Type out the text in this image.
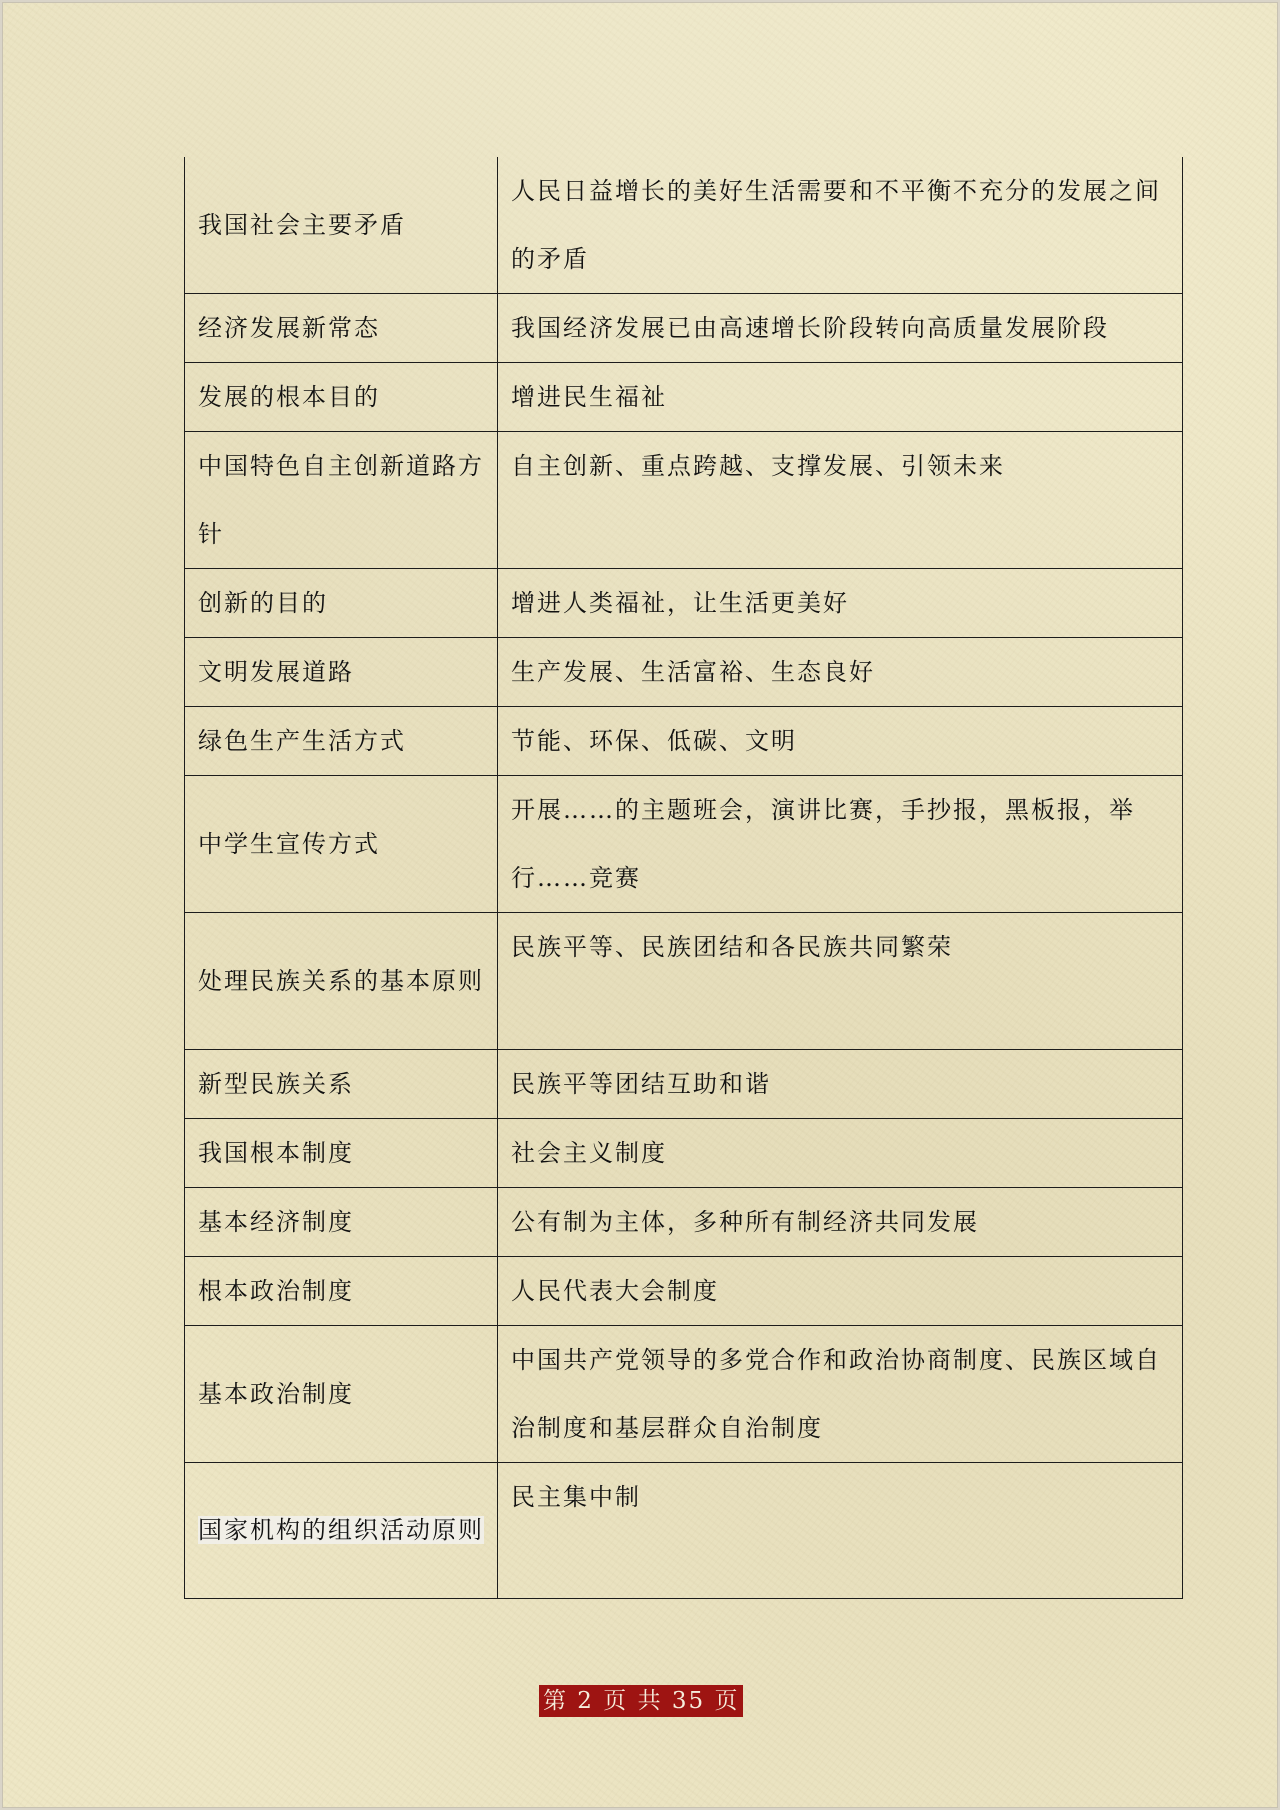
我国社会主要矛盾	人民日益增长的美好生活需要和不平衡不充分的发展之间的矛盾
经济发展新常态	我国经济发展已由高速增长阶段转向高质量发展阶段
发展的根本目的	增进民生福祉
中国特色自主创新道路方针	自主创新、重点跨越、支撑发展、引领未来
创新的目的	增进人类福祉，让生活更美好
文明发展道路	生产发展、生活富裕、生态良好
绿色生产生活方式	节能、环保、低碳、文明
中学生宣传方式	开展……的主题班会，演讲比赛，手抄报，黑板报，举行……竞赛
处理民族关系的基本原则	民族平等、民族团结和各民族共同繁荣
新型民族关系	民族平等团结互助和谐
我国根本制度	社会主义制度
基本经济制度	公有制为主体，多种所有制经济共同发展
根本政治制度	人民代表大会制度
基本政治制度	中国共产党领导的多党合作和政治协商制度、民族区域自治制度和基层群众自治制度
国家机构的组织活动原则	民主集中制
第 2 页 共 35 页
